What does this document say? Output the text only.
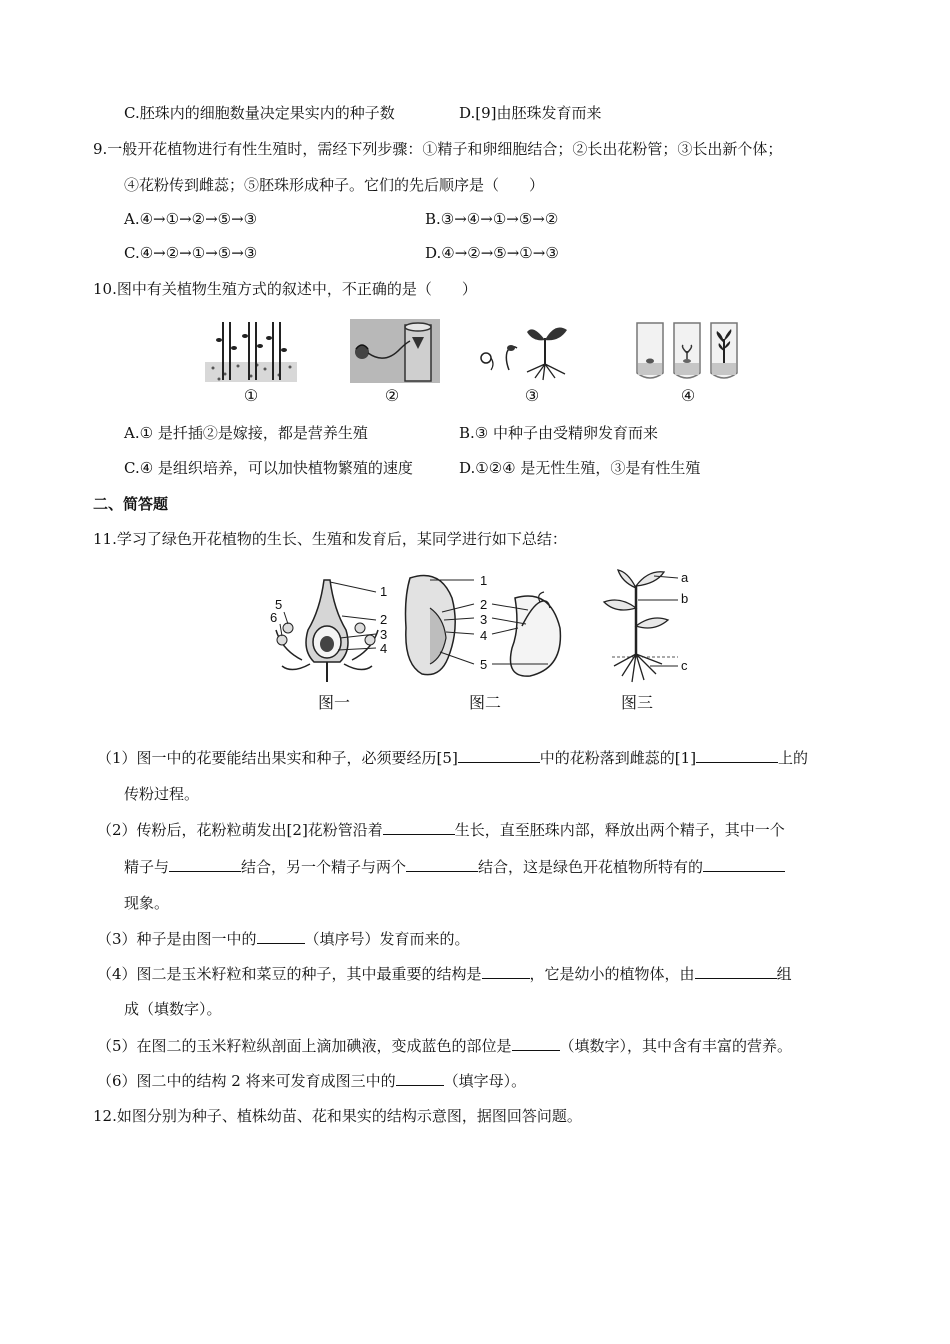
C.胚珠内的细胞数量决定果实内的种子数	D.[9]由胚珠发育而来
9.一般开花植物进行有性生殖时，需经下列步骤：①精子和卵细胞结合；②长出花粉管；③长出新个体；
④花粉传到雌蕊；⑤胚珠形成种子。它们的先后顺序是（　　）
A.④→①→②→⑤→③	B.③→④→①→⑤→②
C.④→②→①→⑤→③	D.④→②→⑤→①→③
10.图中有关植物生殖方式的叙述中，不正确的是（　　）
①	②	③	④
A.① 是扦插②是嫁接，都是营养生殖	B.③ 中种子由受精卵发育而来
C.④ 是组织培养，可以加快植物繁殖的速度	D.①②④ 是无性生殖，③是有性生殖
二、简答题
11.学习了绿色开花植物的生长、生殖和发育后，某同学进行如下总结：
1
2
3
4
5
6
1
2
3
4
5
a
b
c
图一	图二	图三
（1）图一中的花要能结出果实和种子，必须要经历[5]	中的花粉落到雌蕊的[1]	上的
传粉过程。
（2）传粉后，花粉粒萌发出[2]花粉管沿着	生长，直至胚珠内部，释放出两个精子，其中一个
精子与	结合，另一个精子与两个	结合，这是绿色开花植物所特有的
现象。
（3）种子是由图一中的	（填序号）发育而来的。
（4）图二是玉米籽粒和菜豆的种子，其中最重要的结构是	，它是幼小的植物体，由	组
成（填数字）。
（5）在图二的玉米籽粒纵剖面上滴加碘液，变成蓝色的部位是	（填数字），其中含有丰富的营养。
（6）图二中的结构 2 将来可发育成图三中的	（填字母）。
12.如图分别为种子、植株幼苗、花和果实的结构示意图，据图回答问题。
